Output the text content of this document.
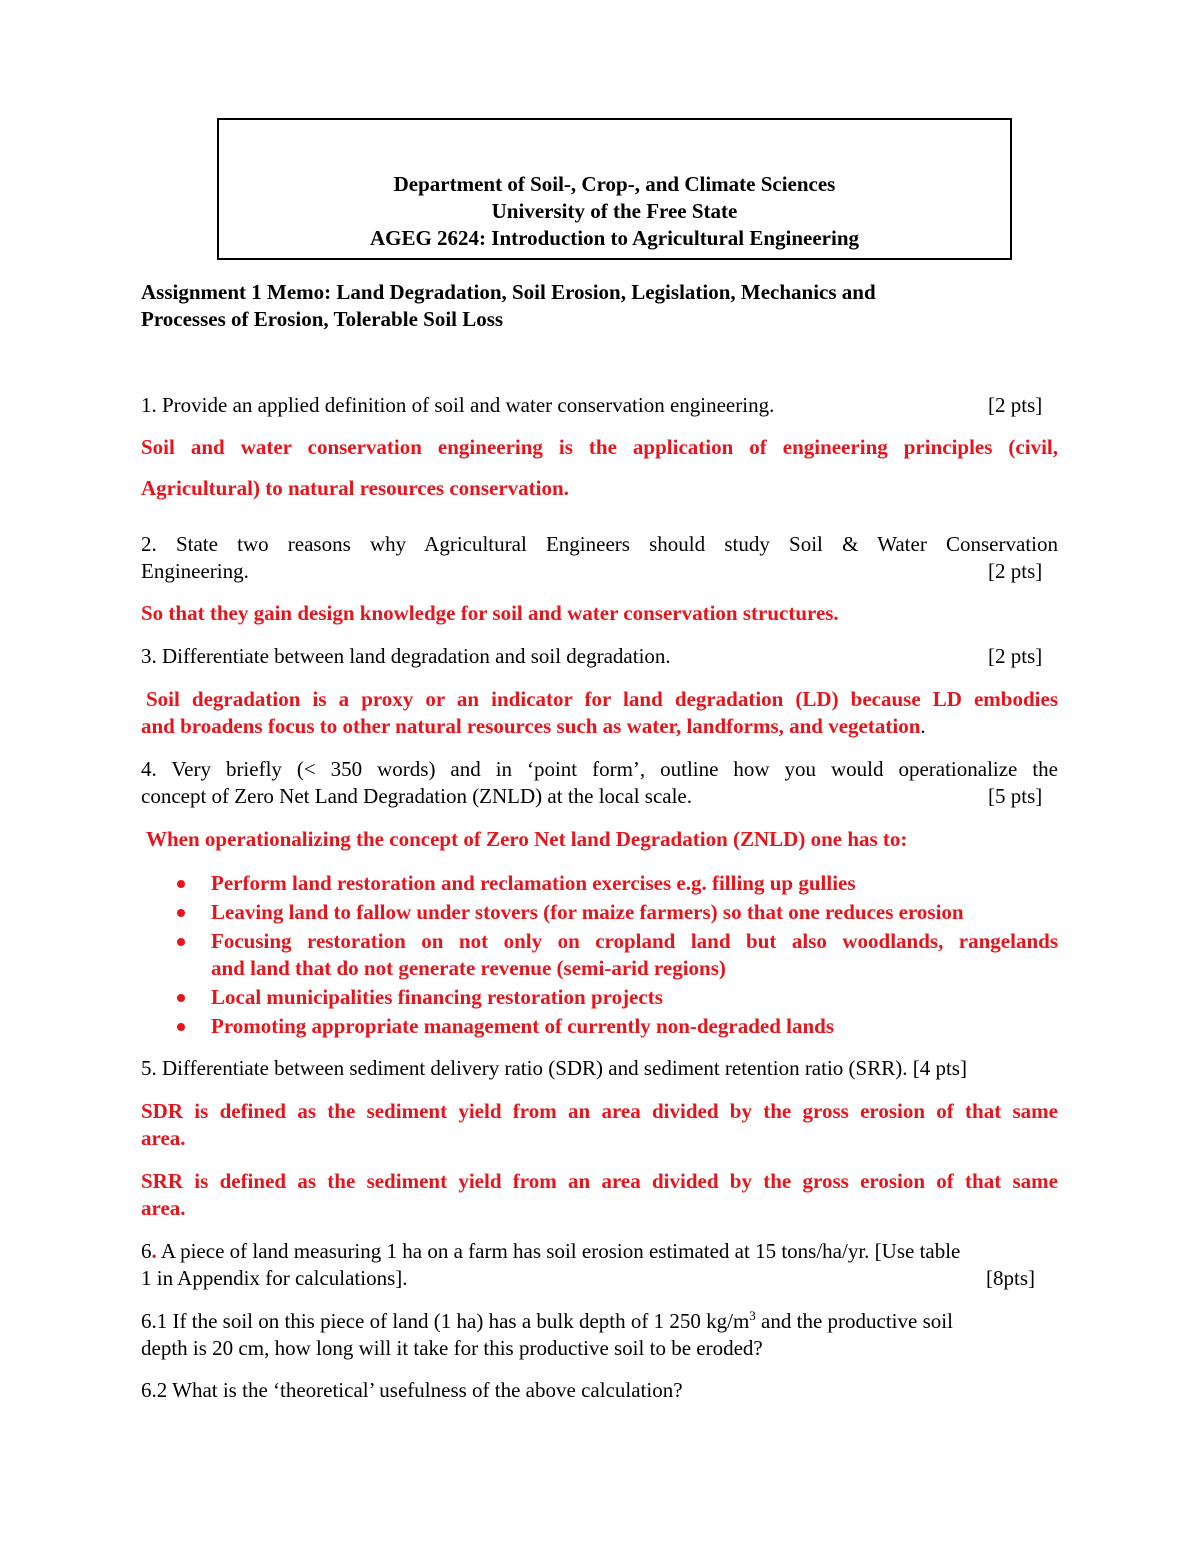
Department of Soil-, Crop-, and Climate Sciences
University of the Free State
AGEG 2624: Introduction to Agricultural Engineering
Assignment 1 Memo: Land Degradation, Soil Erosion, Legislation, Mechanics and
Processes of Erosion, Tolerable Soil Loss
1. Provide an applied definition of soil and water conservation engineering.	[2 pts]
Soil and water conservation engineering is the application of engineering principles (civil,
Agricultural) to natural resources conservation.
2. State two reasons why Agricultural Engineers should study Soil & Water Conservation
Engineering.	[2 pts]
So that they gain design knowledge for soil and water conservation structures.
3. Differentiate between land degradation and soil degradation.	[2 pts]
Soil degradation is a proxy or an indicator for land degradation (LD) because LD embodies
and broadens focus to other natural resources such as water, landforms, and vegetation.
4. Very briefly (< 350 words) and in ‘point form’, outline how you would operationalize the
concept of Zero Net Land Degradation (ZNLD) at the local scale.	[5 pts]
When operationalizing the concept of Zero Net land Degradation (ZNLD) one has to:
Perform land restoration and reclamation exercises e.g. filling up gullies
Leaving land to fallow under stovers (for maize farmers) so that one reduces erosion
Focusing restoration on not only on cropland land but also woodlands, rangelands
and land that do not generate revenue (semi-arid regions)
Local municipalities financing restoration projects
Promoting appropriate management of currently non-degraded lands
5. Differentiate between sediment delivery ratio (SDR) and sediment retention ratio (SRR). [4 pts]
SDR is defined as the sediment yield from an area divided by the gross erosion of that same
area.
SRR is defined as the sediment yield from an area divided by the gross erosion of that same
area.
6. A piece of land measuring 1 ha on a farm has soil erosion estimated at 15 tons/ha/yr. [Use table
1 in Appendix for calculations].	[8pts]
6.1 If the soil on this piece of land (1 ha) has a bulk depth of 1 250 $kg/m^3$ and the productive soil
depth is 20 cm, how long will it take for this productive soil to be eroded?
6.2 What is the ‘theoretical’ usefulness of the above calculation?
